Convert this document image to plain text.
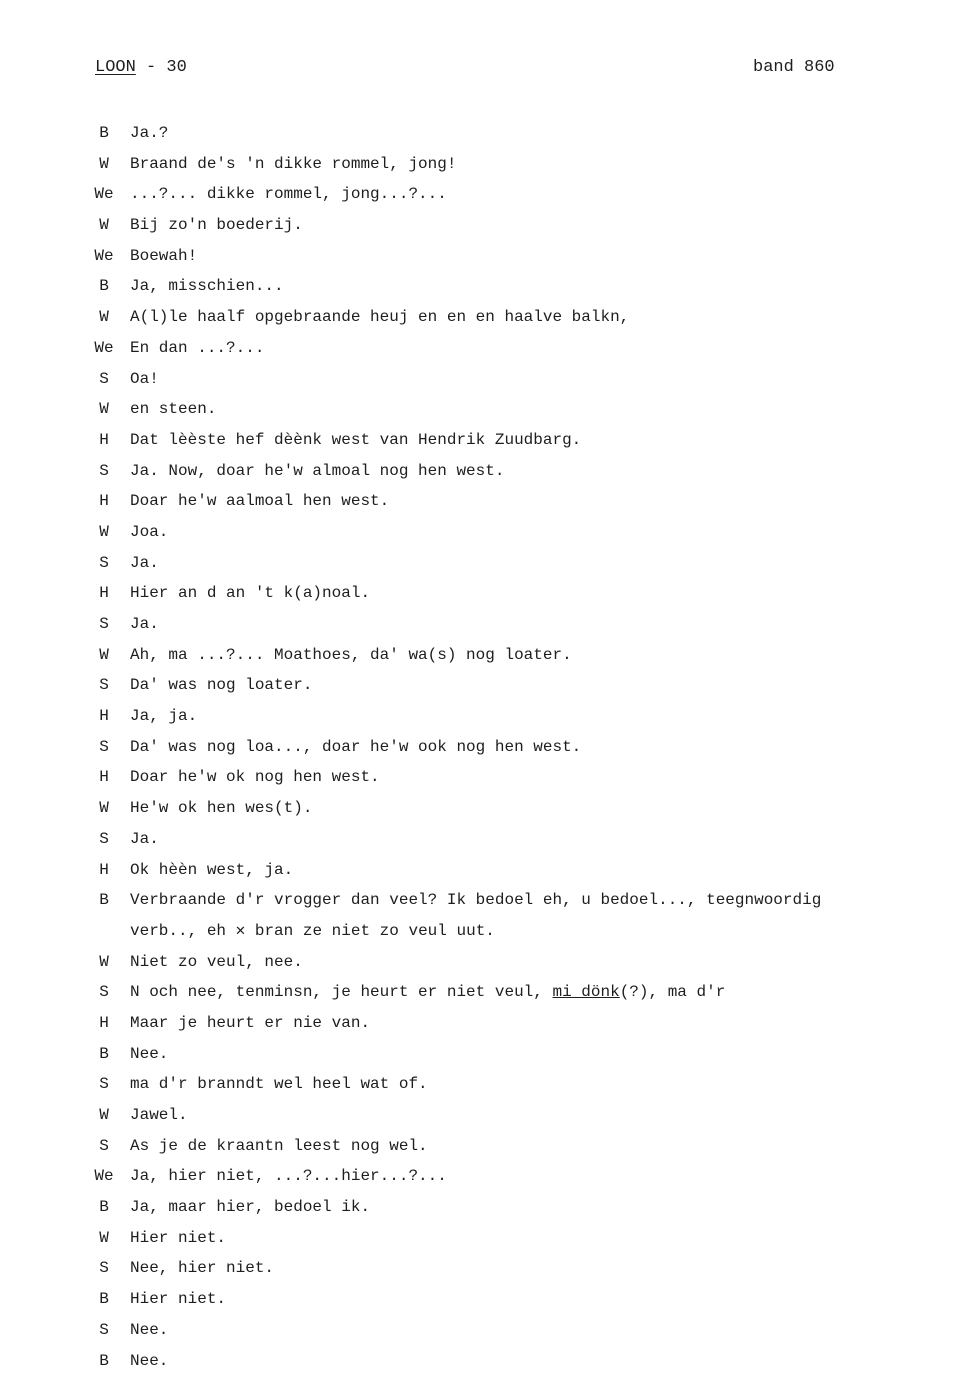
LOON - 30	band 860
B	Ja.?
W	Braand de's 'n dikke rommel, jong!
We	...?... dikke rommel, jong...?...
W	Bij zo'n boederij.
We	Boewah!
B	Ja, misschien...
W	A(l)le haalf opgebraande heuj en en en haalve balkn,
We	En dan ...?...
S	Oa!
W	en steen.
H	Dat lèèste hef dèènk west van Hendrik Zuudbarg.
S	Ja. Now, doar he'w almoal nog hen west.
H	Doar he'w aalmoal hen west.
W	Joa.
S	Ja.
H	Hier an d an 't k(a)noal.
S	Ja.
W	Ah, ma ...?... Moathoes, da' wa(s) nog loater.
S	Da' was nog loater.
H	Ja, ja.
S	Da' was nog loa..., doar he'w ook nog hen west.
H	Doar he'w ok nog hen west.
W	He'w ok hen wes(t).
S	Ja.
H	Ok hèèn west, ja.
B	Verbraande d'r vrogger dan veel? Ik bedoel eh, u bedoel..., teegnwoordig
verb.., eh ✕ bran ze niet zo veul uut.
W	Niet zo veul, nee.
S	N och nee, tenminsn, je heurt er niet veul, mi dönk(?), ma d'r
H	Maar je heurt er nie van.
B	Nee.
S	ma d'r branndt wel heel wat of.
W	Jawel.
S	As je de kraantn leest nog wel.
We	Ja, hier niet, ...?...hier...?...
B	Ja, maar hier, bedoel ik.
W	Hier niet.
S	Nee, hier niet.
B	Hier niet.
S	Nee.
B	Nee.
